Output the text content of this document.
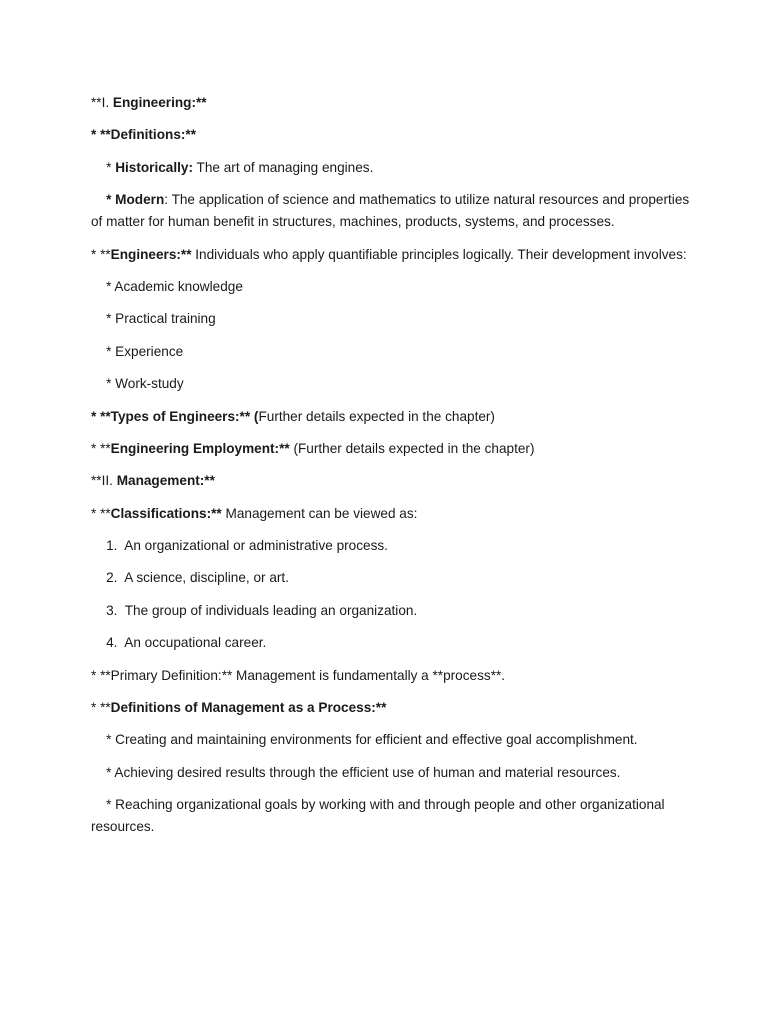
**I. Engineering:**

* **Definitions:**

* Historically: The art of managing engines.

* Modern: The application of science and mathematics to utilize natural resources and properties of matter for human benefit in structures, machines, products, systems, and processes.

* **Engineers:** Individuals who apply quantifiable principles logically. Their development involves:

* Academic knowledge

* Practical training

* Experience

* Work-study

* **Types of Engineers:** (Further details expected in the chapter)

* **Engineering Employment:** (Further details expected in the chapter)

**II. Management:**

* **Classifications:** Management can be viewed as:

1.  An organizational or administrative process.

2.  A science, discipline, or art.

3.  The group of individuals leading an organization.

4.  An occupational career.

* **Primary Definition:** Management is fundamentally a **process**.

* **Definitions of Management as a Process:**

* Creating and maintaining environments for efficient and effective goal accomplishment.

* Achieving desired results through the efficient use of human and material resources.

* Reaching organizational goals by working with and through people and other organizational resources.
